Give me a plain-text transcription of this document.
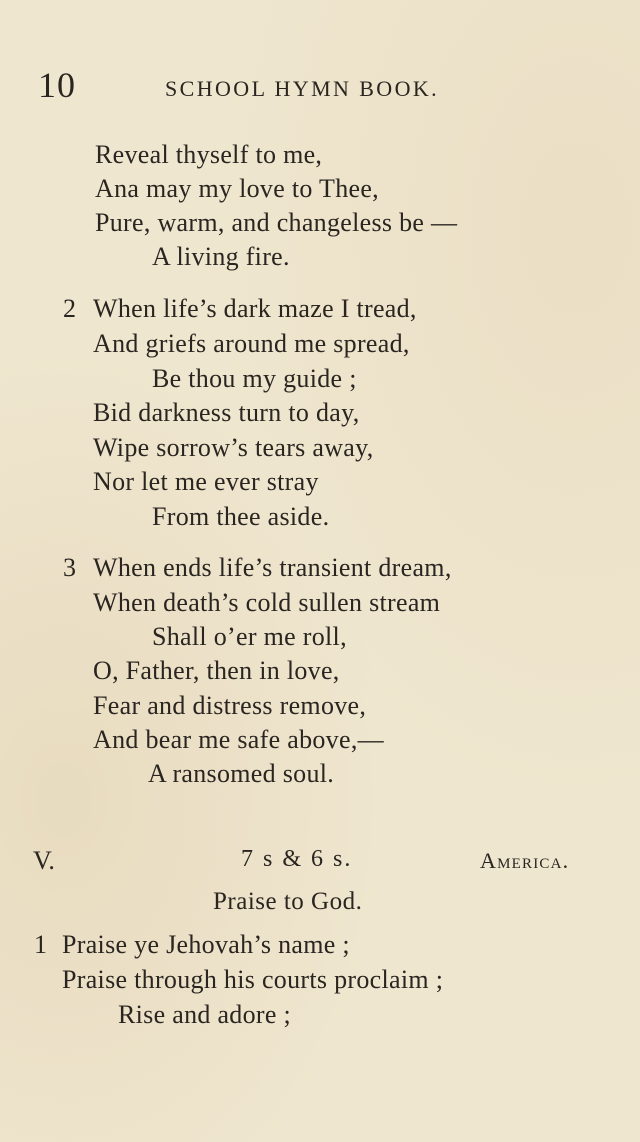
10	SCHOOL HYMN BOOK.
Reveal thyself to me,
Ana may my love to Thee,
Pure, warm, and changeless be —
A living fire.
2 When life’s dark maze I tread,
And griefs around me spread,
Be thou my guide ;
Bid darkness turn to day,
Wipe sorrow’s tears away,
Nor let me ever stray
From thee aside.
3 When ends life’s transient dream,
When death’s cold sullen stream
Shall o’er me roll,
O, Father, then in love,
Fear and distress remove,
And bear me safe above,—
A ransomed soul.
V.	7 s & 6 s.	America.
Praise to God.
1 Praise ye Jehovah’s name ;
Praise through his courts proclaim ;
Rise and adore ;
